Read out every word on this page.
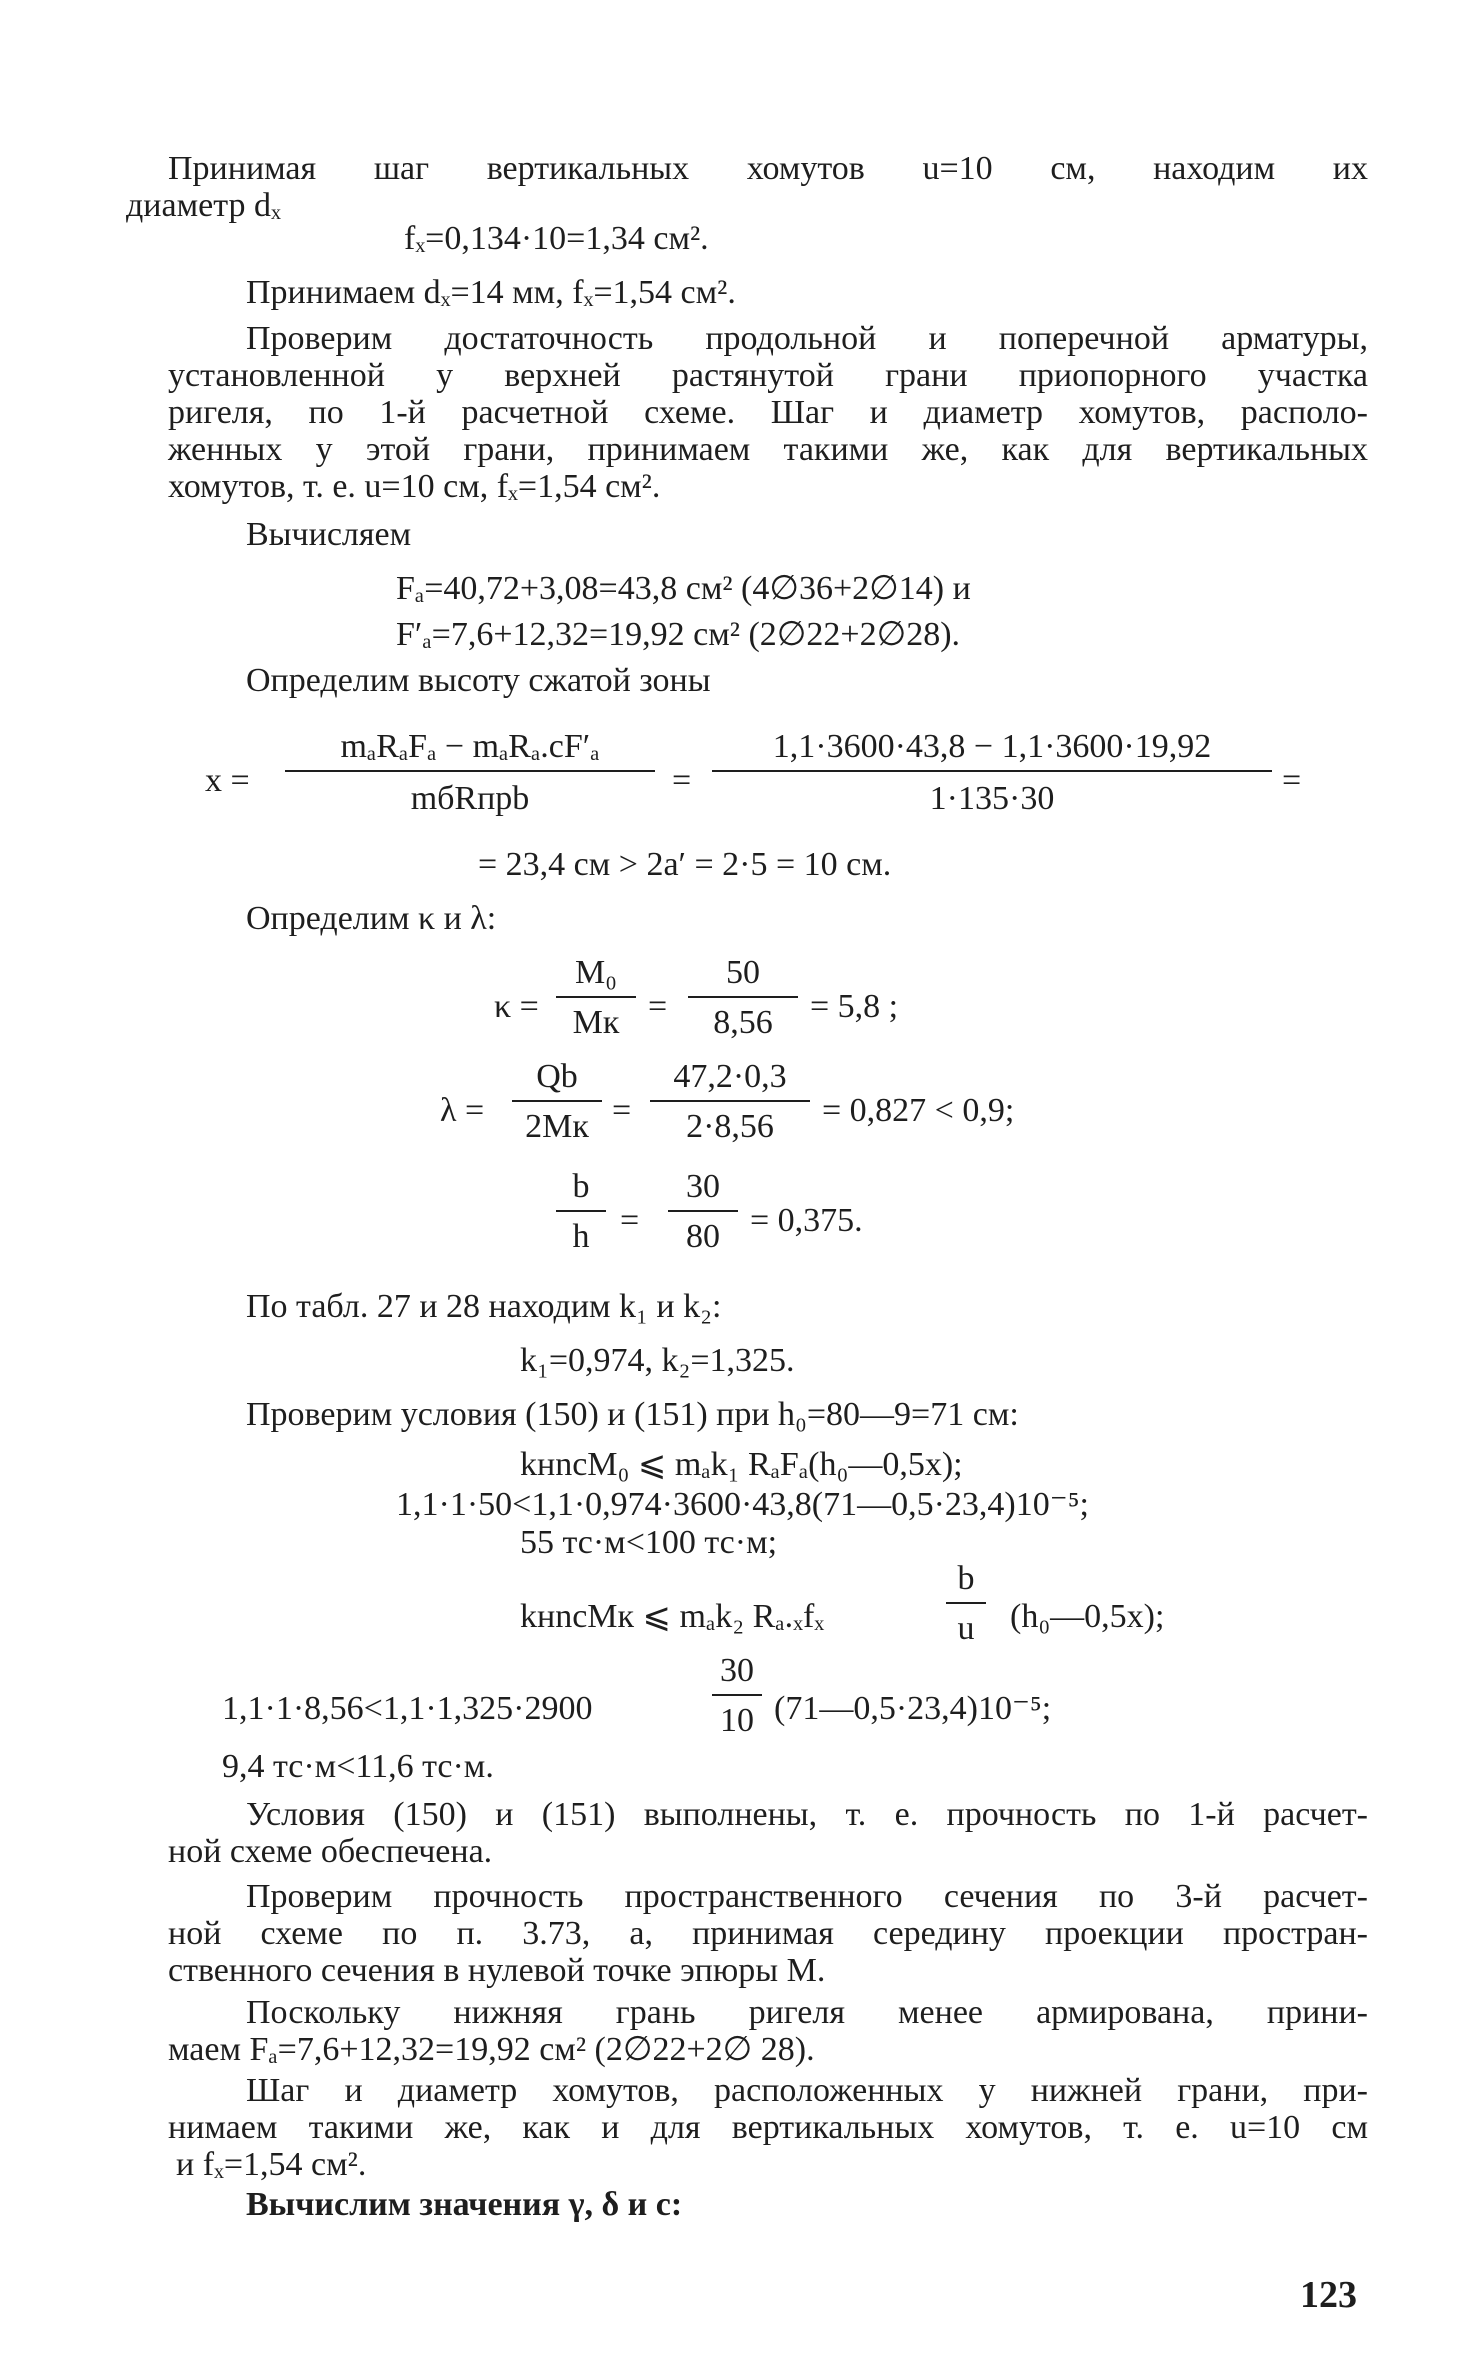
Принимая шаг вертикальных хомутов u=10 см, находим их
диаметр dₓ
fₓ=0,134·10=1,34 см².
Принимаем dₓ=14 мм, fₓ=1,54 см².
Проверим достаточность продольной и поперечной арматуры,
установленной у верхней растянутой грани приопорного участка
ригеля, по 1-й расчетной схеме. Шаг и диаметр хомутов, располо-
женных у этой грани, принимаем такими же, как для вертикальных
хомутов, т. е. u=10 см, fₓ=1,54 см².
Вычисляем
Fₐ=40,72+3,08=43,8 см² (4∅36+2∅14) и
F′ₐ=7,6+12,32=19,92 см² (2∅22+2∅28).
Определим высоту сжатой зоны
x =
mₐRₐFₐ − mₐRₐ.сF′ₐ
mбRпрb	=
1,1·3600·43,8 − 1,1·3600·19,92
1·135·30	=
= 23,4 см > 2a′ = 2·5 = 10 см.
Определим κ и λ:
κ =
M₀
Mк =
50
8,56	= 5,8 ;
λ =
Qb
2Mк =
47,2·0,3
2·8,56	= 0,827 < 0,9;
b
h =
30
80 = 0,375.
По табл. 27 и 28 находим k₁ и k₂:
k₁=0,974, k₂=1,325.
Проверим условия (150) и (151) при h₀=80—9=71 см:
kнnсM₀ ⩽ mₐk₁ RₐFₐ(h₀—0,5x);
1,1·1·50<1,1·0,974·3600·43,8(71—0,5·23,4)10⁻⁵;
55 тс·м<100 тс·м;
kнnсMк ⩽ mₐk₂ Rₐ.ₓfₓ
b
u	(h₀—0,5x);
1,1·1·8,56<1,1·1,325·2900
30
10 (71—0,5·23,4)10⁻⁵;
9,4 тс·м<11,6 тс·м.
Условия (150) и (151) выполнены, т. е. прочность по 1-й расчет-
ной схеме обеспечена.
Проверим прочность пространственного сечения по 3-й расчет-
ной схеме по п. 3.73, а, принимая середину проекции простран-
ственного сечения в нулевой точке эпюры M.
Поскольку нижняя грань ригеля менее армирована, прини-
маем Fₐ=7,6+12,32=19,92 см² (2∅22+2∅ 28).
Шаг и диаметр хомутов, расположенных у нижней грани, при-
нимаем такими же, как и для вертикальных хомутов, т. е. u=10 см
и fₓ=1,54 см².
Вычислим значения γ, δ и c:
123
